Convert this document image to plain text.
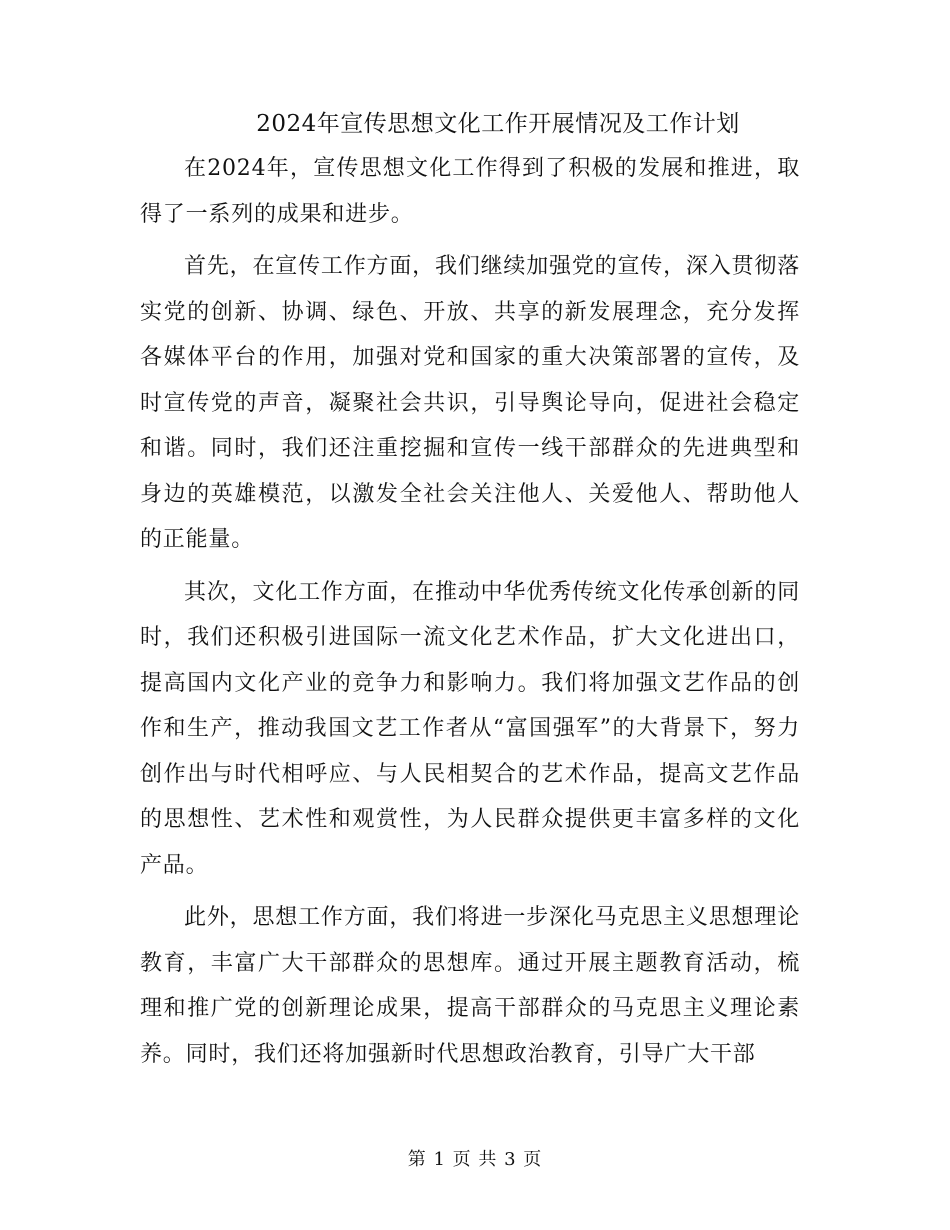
2024年宣传思想文化工作开展情况及工作计划

在2024年，宣传思想文化工作得到了积极的发展和推进，取得了一系列的成果和进步。

首先，在宣传工作方面，我们继续加强党的宣传，深入贯彻落实党的创新、协调、绿色、开放、共享的新发展理念，充分发挥各媒体平台的作用，加强对党和国家的重大决策部署的宣传，及时宣传党的声音，凝聚社会共识，引导舆论导向，促进社会稳定和谐。同时，我们还注重挖掘和宣传一线干部群众的先进典型和身边的英雄模范，以激发全社会关注他人、关爱他人、帮助他人的正能量。

其次，文化工作方面，在推动中华优秀传统文化传承创新的同时，我们还积极引进国际一流文化艺术作品，扩大文化进出口，提高国内文化产业的竞争力和影响力。我们将加强文艺作品的创作和生产，推动我国文艺工作者从“富国强军”的大背景下，努力创作出与时代相呼应、与人民相契合的艺术作品，提高文艺作品的思想性、艺术性和观赏性，为人民群众提供更丰富多样的文化产品。

此外，思想工作方面，我们将进一步深化马克思主义思想理论教育，丰富广大干部群众的思想库。通过开展主题教育活动，梳理和推广党的创新理论成果，提高干部群众的马克思主义理论素养。同时，我们还将加强新时代思想政治教育，引导广大干部

第 1 页 共 3 页
